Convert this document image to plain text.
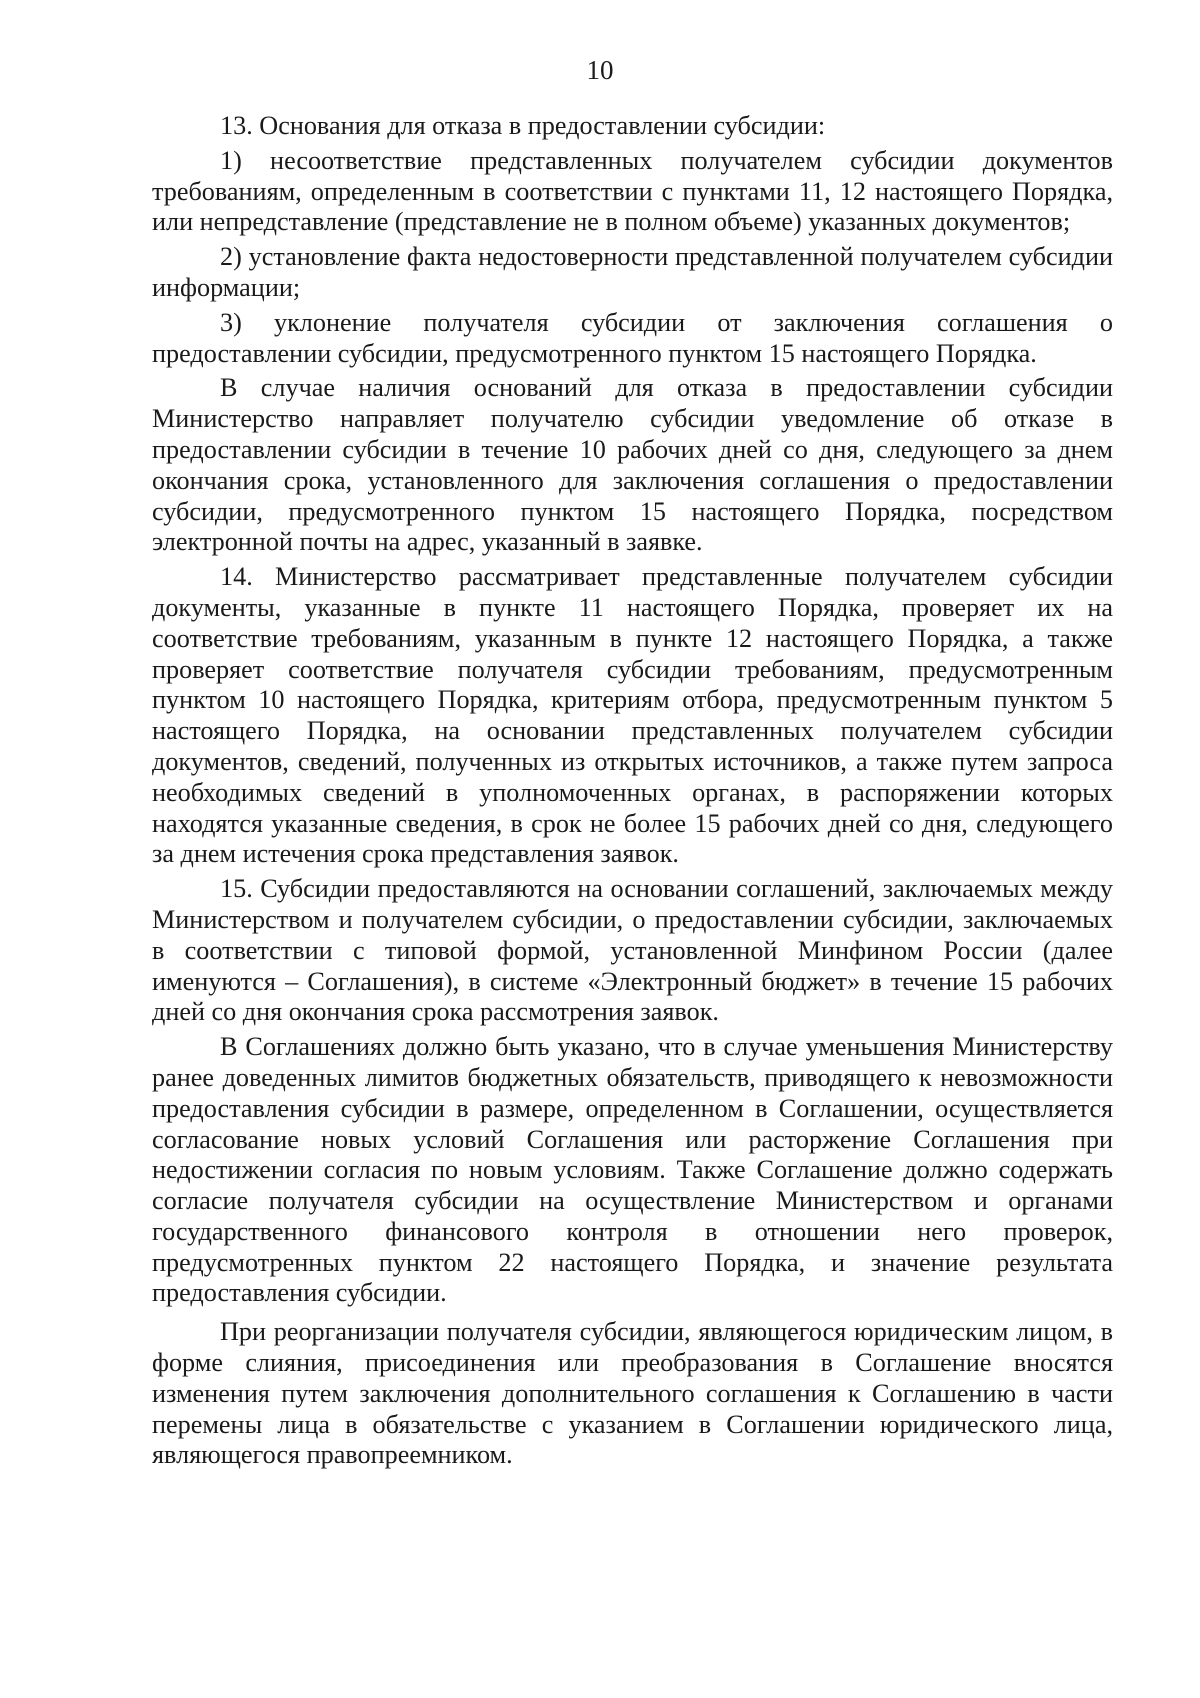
10

13. Основания для отказа в предоставлении субсидии:

1) несоответствие представленных получателем субсидии документов требованиям, определенным в соответствии с пунктами 11, 12 настоящего Порядка, или непредставление (представление не в полном объеме) указанных документов;

2) установление факта недостоверности представленной получателем субсидии информации;

3) уклонение получателя субсидии от заключения соглашения о предоставлении субсидии, предусмотренного пунктом 15 настоящего Порядка.

В случае наличия оснований для отказа в предоставлении субсидии Министерство направляет получателю субсидии уведомление об отказе в предоставлении субсидии в течение 10 рабочих дней со дня, следующего за днем окончания срока, установленного для заключения соглашения о предоставлении субсидии, предусмотренного пунктом 15 настоящего Порядка, посредством электронной почты на адрес, указанный в заявке.

14. Министерство рассматривает представленные получателем субсидии документы, указанные в пункте 11 настоящего Порядка, проверяет их на соответствие требованиям, указанным в пункте 12 настоящего Порядка, а также проверяет соответствие получателя субсидии требованиям, предусмотренным пунктом 10 настоящего Порядка, критериям отбора, предусмотренным пунктом 5 настоящего Порядка, на основании представленных получателем субсидии документов, сведений, полученных из открытых источников, а также путем запроса необходимых сведений в уполномоченных органах, в распоряжении которых находятся указанные сведения, в срок не более 15 рабочих дней со дня, следующего за днем истечения срока представления заявок.

15. Субсидии предоставляются на основании соглашений, заключаемых между Министерством и получателем субсидии, о предоставлении субсидии, заключаемых в соответствии с типовой формой, установленной Минфином России (далее именуются – Соглашения), в системе «Электронный бюджет» в течение 15 рабочих дней со дня окончания срока рассмотрения заявок.

В Соглашениях должно быть указано, что в случае уменьшения Министерству ранее доведенных лимитов бюджетных обязательств, приводящего к невозможности предоставления субсидии в размере, определенном в Соглашении, осуществляется согласование новых условий Соглашения или расторжение Соглашения при недостижении согласия по новым условиям. Также Соглашение должно содержать согласие получателя субсидии на осуществление Министерством и органами государственного финансового контроля в отношении него проверок, предусмотренных пунктом 22 настоящего Порядка, и значение результата предоставления субсидии.

При реорганизации получателя субсидии, являющегося юридическим лицом, в форме слияния, присоединения или преобразования в Соглашение вносятся изменения путем заключения дополнительного соглашения к Соглашению в части перемены лица в обязательстве с указанием в Соглашении юридического лица, являющегося правопреемником.
